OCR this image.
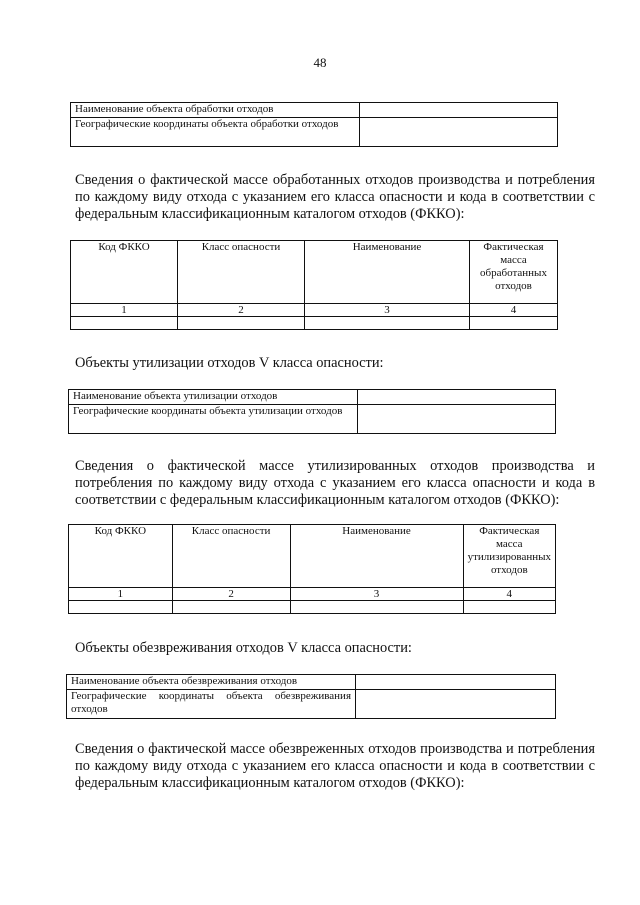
48
Наименование объекта обработки отходов	
Географические координаты объекта обработки отходов	
Сведения о фактической массе обработанных отходов производства и потребления по каждому виду отхода с указанием его класса опасности и кода в соответствии с федеральным классификационным каталогом отходов (ФККО):
Код ФККО	Класс опасности	Наименование	Фактическая масса обработанных отходов
1	2	3	4

Объекты утилизации отходов V класса опасности:
Наименование объекта утилизации отходов	
Географические координаты объекта утилизации отходов	
Сведения о фактической массе утилизированных отходов производства и потребления по каждому виду отхода с указанием его класса опасности и кода в соответствии с федеральным классификационным каталогом отходов (ФККО):
Код ФККО	Класс опасности	Наименование	Фактическая масса утилизированных отходов
1	2	3	4

Объекты обезвреживания отходов V класса опасности:
Наименование объекта обезвреживания отходов	
Географические координаты объекта обезвреживания отходов	
Сведения о фактической массе обезвреженных отходов производства и потребления по каждому виду отхода с указанием его класса опасности и кода в соответствии с федеральным классификационным каталогом отходов (ФККО):
